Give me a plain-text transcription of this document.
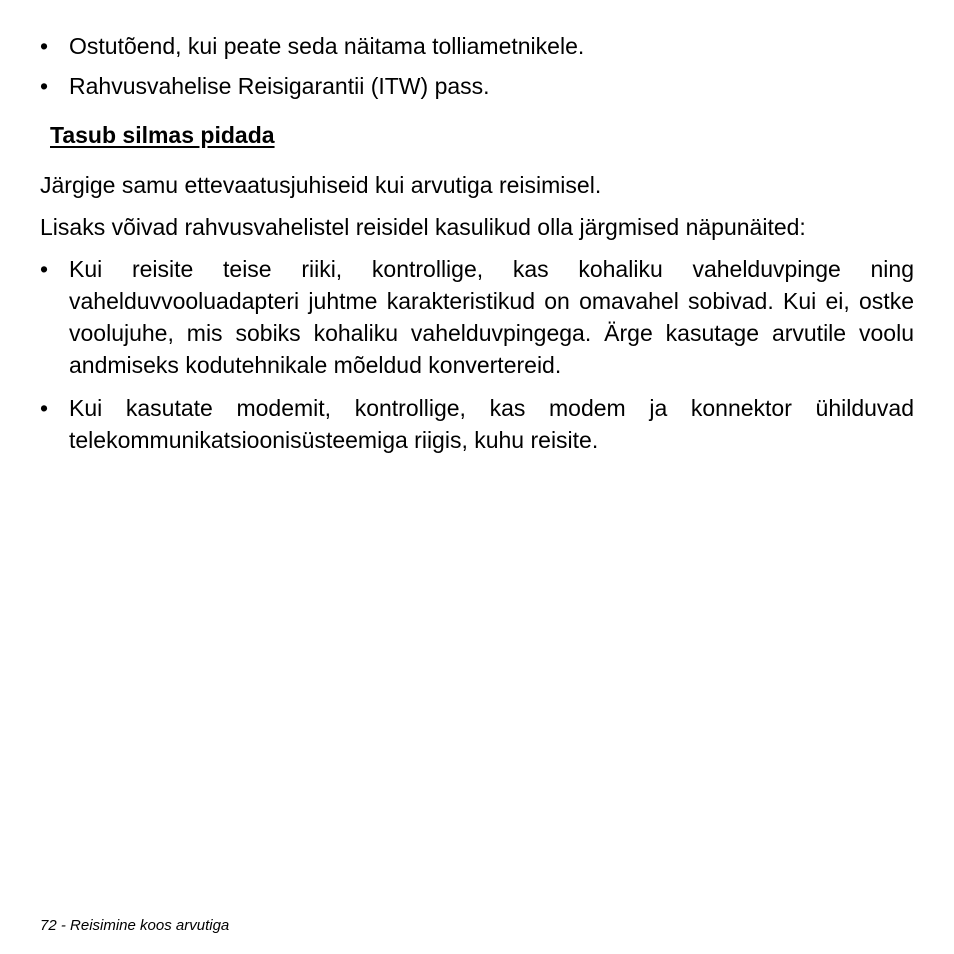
• Ostutõend, kui peate seda näitama tolliametnikele.
• Rahvusvahelise Reisigarantii (ITW) pass.
Tasub silmas pidada

Järgige samu ettevaatusjuhiseid kui arvutiga reisimisel.

Lisaks võivad rahvusvahelistel reisidel kasulikud olla järgmised näpunäited:

• Kui reisite teise riiki, kontrollige, kas kohaliku vahelduvpinge ning vahelduvvooluadapteri juhtme karakteristikud on omavahel sobivad. Kui ei, ostke voolujuhe, mis sobiks kohaliku vahelduvpingega. Ärge kasutage arvutile voolu andmiseks kodutehnikale mõeldud konvertereid.
• Kui kasutate modemit, kontrollige, kas modem ja konnektor ühilduvad telekommunikatsioonisüsteemiga riigis, kuhu reisite.
72 - Reisimine koos arvutiga
